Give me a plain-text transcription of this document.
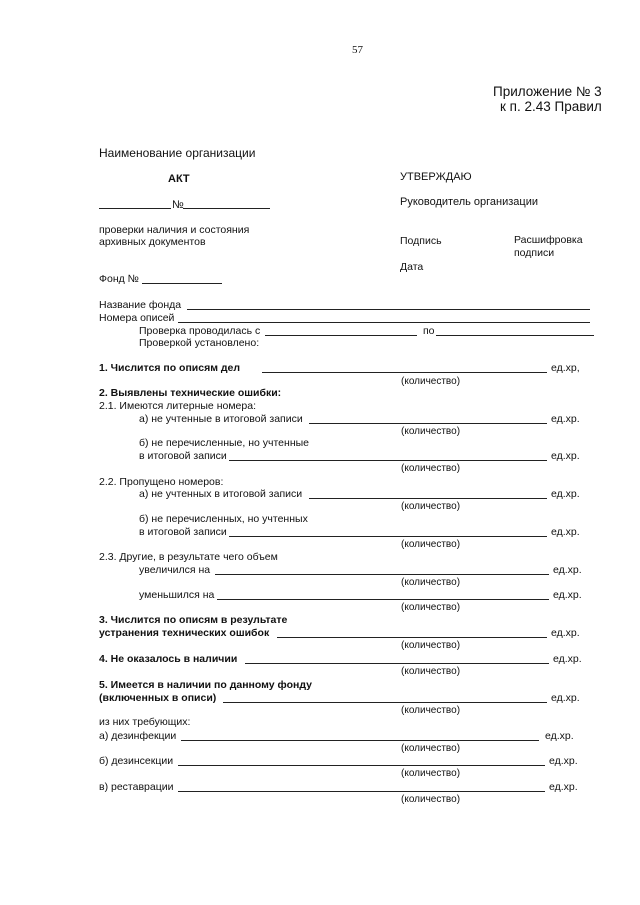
57
Приложение № 3
к п. 2.43 Правил
Наименование организации
АКТ
№
проверки наличия и состояния
архивных документов
Фонд №
УТВЕРЖДАЮ
Руководитель организации
Подпись	Расшифровка
подписи
Дата
Название фонда
Номера описей
Проверка проводилась с	по
Проверкой установлено:
1. Числится по описям дел	ед.хр,
(количество)
2. Выявлены технические ошибки:
2.1. Имеются литерные номера:
а) не учтенные в итоговой записи	ед.хр.
(количество)
б) не перечисленные, но учтенные
в итоговой записи	ед.хр.
(количество)
2.2. Пропущено номеров:
а) не учтенных в итоговой записи	ед.хр.
(количество)
б) не перечисленных, но учтенных
в итоговой записи	ед.хр.
(количество)
2.3. Другие, в результате чего объем
увеличился на	ед.хр.
(количество)
уменьшился на	ед.хр.
(количество)
3. Числится по описям в результате
устранения технических ошибок	ед.хр.
(количество)
4. Не оказалось в наличии	ед.хр.
(количество)
5. Имеется в наличии по данному фонду
(включенных в описи)	ед.хр.
(количество)
из них требующих:
а) дезинфекции	ед.хр.
(количество)
б) дезинсекции	ед.хр.
(количество)
в) реставрации	ед.хр.
(количество)
